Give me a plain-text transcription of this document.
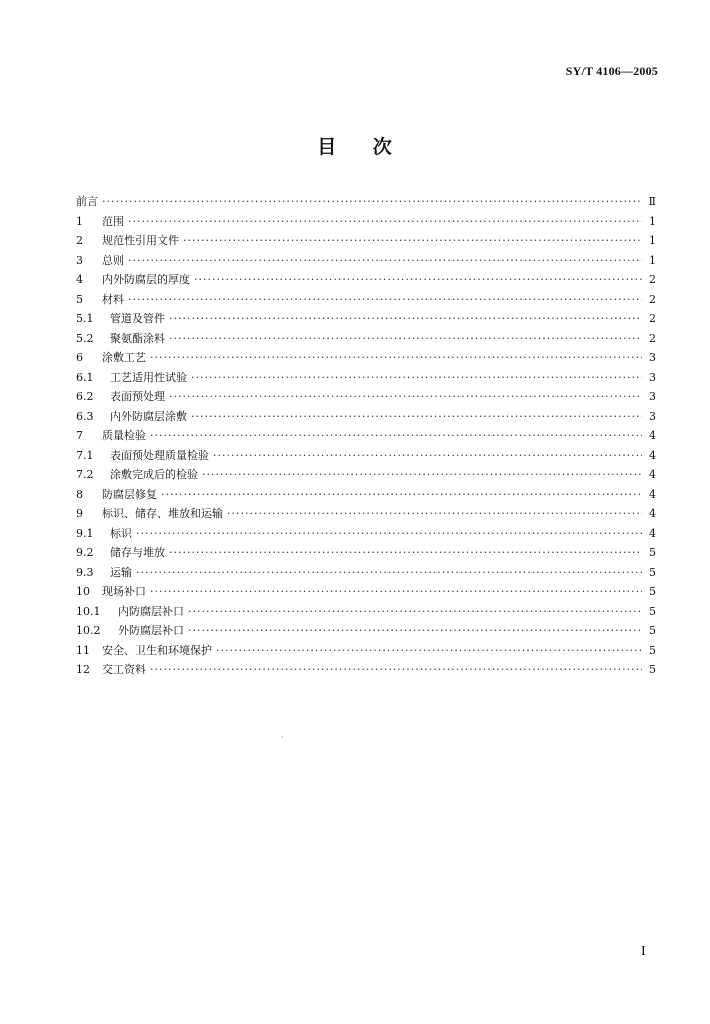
SY/T 4106—2005
目 次
前言 ·····	Ⅱ
1	范围 ·····	1
2	规范性引用文件 ·····	1
3	总则 ·····	1
4	内外防腐层的厚度 ·····	2
5	材料 ·····	2
5.1	管道及管件 ·····	2
5.2	聚氨酯涂料 ·····	2
6	涂敷工艺 ·····	3
6.1	工艺适用性试验 ·····	3
6.2	表面预处理 ·····	3
6.3	内外防腐层涂敷 ·····	3
7	质量检验 ·····	4
7.1	表面预处理质量检验 ·····	4
7.2	涂敷完成后的检验 ·····	4
8	防腐层修复 ·····	4
9	标识、储存、堆放和运输 ·····	4
9.1	标识 ·····	4
9.2	储存与堆放 ·····	5
9.3	运输 ·····	5
10	现场补口 ·····	5
10.1	内防腐层补口 ·····	5
10.2	外防腐层补口 ·····	5
11	安全、卫生和环境保护 ·····	5
12	交工资料 ·····	5
·
I
